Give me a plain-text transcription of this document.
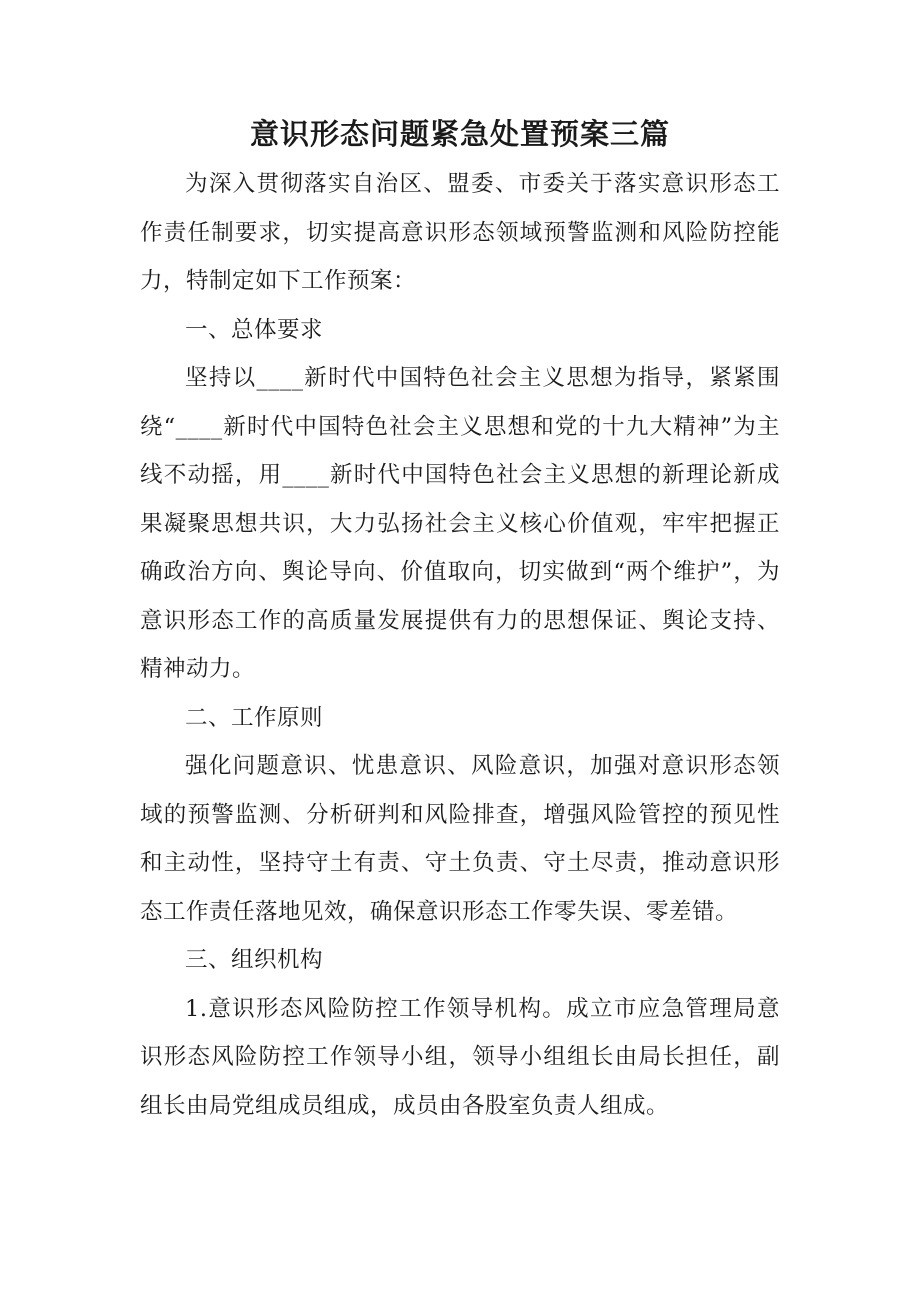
意识形态问题紧急处置预案三篇

为深入贯彻落实自治区、盟委、市委关于落实意识形态工作责任制要求，切实提高意识形态领域预警监测和风险防控能力，特制定如下工作预案：

一、总体要求

坚持以____新时代中国特色社会主义思想为指导，紧紧围绕“____新时代中国特色社会主义思想和党的十九大精神”为主线不动摇，用____新时代中国特色社会主义思想的新理论新成果凝聚思想共识，大力弘扬社会主义核心价值观，牢牢把握正确政治方向、舆论导向、价值取向，切实做到“两个维护”，为意识形态工作的高质量发展提供有力的思想保证、舆论支持、精神动力。

二、工作原则

强化问题意识、忧患意识、风险意识，加强对意识形态领域的预警监测、分析研判和风险排查，增强风险管控的预见性和主动性，坚持守土有责、守土负责、守土尽责，推动意识形态工作责任落地见效，确保意识形态工作零失误、零差错。

三、组织机构

1.意识形态风险防控工作领导机构。成立市应急管理局意识形态风险防控工作领导小组，领导小组组长由局长担任，副组长由局党组成员组成，成员由各股室负责人组成。
